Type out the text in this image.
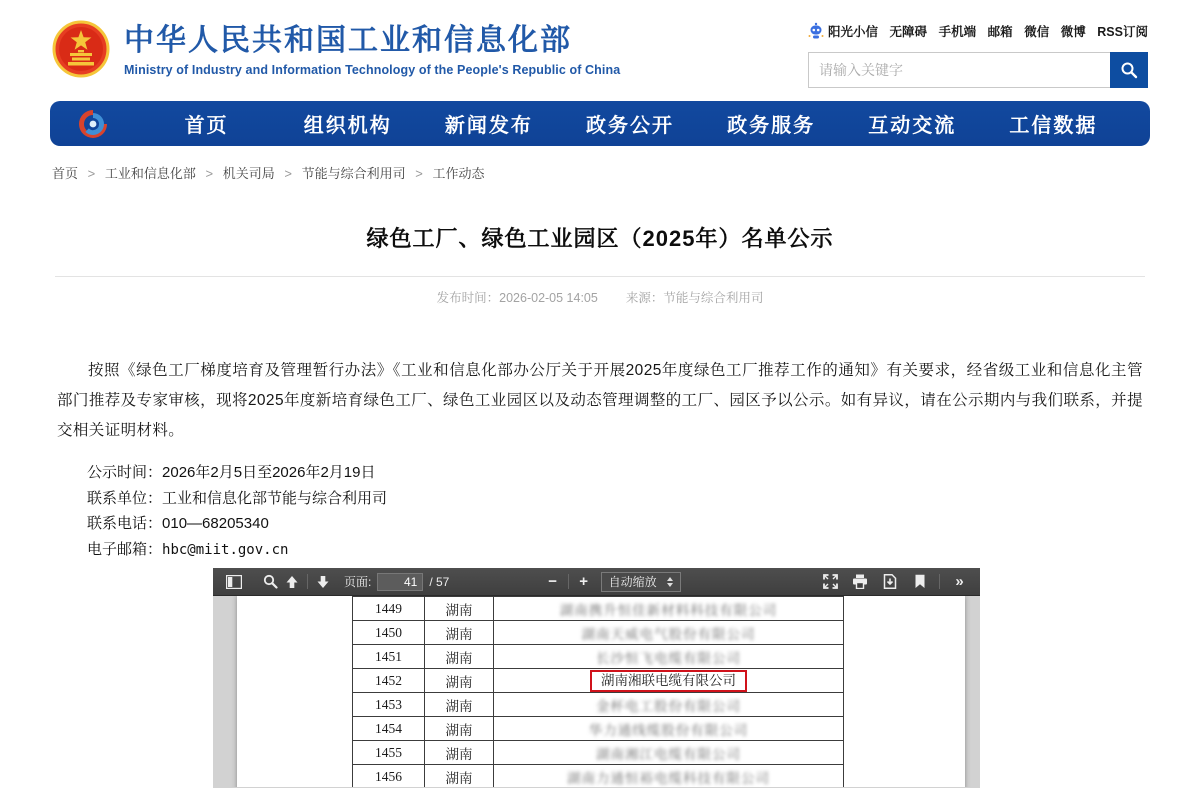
中华人民共和国工业和信息化部
Ministry of Industry and Information Technology of the People's Republic of China
阳光小信 无障碍 手机端 邮箱 微信 微博 RSS订阅
请输入关键字
首页	组织机构	新闻发布	政务公开	政务服务	互动交流	工信数据
首页 > 工业和信息化部 > 机关司局 > 节能与综合利用司 > 工作动态
绿色工厂、绿色工业园区（2025年）名单公示
发布时间：2026-02-05 14:05 来源：节能与综合利用司
按照《绿色工厂梯度培育及管理暂行办法》《工业和信息化部办公厅关于开展2025年度绿色工厂推荐工作的通知》有关要求，经省级工业和信息化主管部门推荐及专家审核，现将2025年度新培育绿色工厂、绿色工业园区以及动态管理调整的工厂、园区予以公示。如有异议，请在公示期内与我们联系，并提交相关证明材料。
公示时间：2026年2月5日至2026年2月19日
联系单位：工业和信息化部节能与综合利用司
联系电话：010—68205340
电子邮箱：hbc@miit.gov.cn
页面:
41	/ 57	−	+	自动缩放	»
1449	湖南	湖南携升恒佳新材料科技有限公司
1450	湖南	湖南天威电气股份有限公司
1451	湖南	长沙恒飞电缆有限公司
1452	湖南	湖南湘联电缆有限公司
1453	湖南	金杯电工股份有限公司
1454	湖南	华力通线缆股份有限公司
1455	湖南	湖南湘江电缆有限公司
1456	湖南	湖南力通恒裕电缆科技有限公司
